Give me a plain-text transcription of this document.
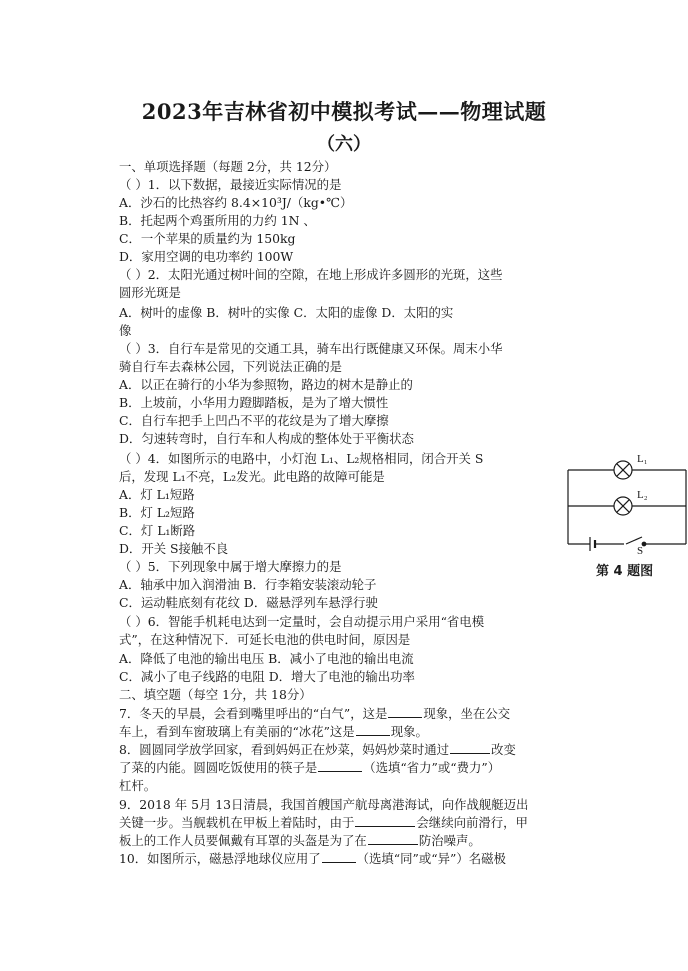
2023年吉林省初中模拟考试——物理试题
（六）
一、单项选择题（每题 2分，共 12分）
（ ）1．以下数据，最接近实际情况的是
A．沙石的比热容约 8.4×10³J/（kg•℃）
B．托起两个鸡蛋所用的力约 1N 、
C．一个苹果的质量约为 150kg
D．家用空调的电功率约 100W
（ ）2．太阳光通过树叶间的空隙，在地上形成许多圆形的光斑，这些
圆形光斑是
A．树叶的虚像 B．树叶的实像 C．太阳的虚像 D．太阳的实
像
（ ）3．自行车是常见的交通工具，骑车出行既健康又环保。周末小华
骑自行车去森林公园，下列说法正确的是
A．以正在骑行的小华为参照物，路边的树木是静止的
B．上坡前，小华用力蹬脚踏板，是为了增大惯性
C．自行车把手上凹凸不平的花纹是为了增大摩擦
D．匀速转弯时，自行车和人构成的整体处于平衡状态
（ ）4．如图所示的电路中，小灯泡 L₁、L₂规格相同，闭合开关 S
后，发现 L₁不亮，L₂发光。此电路的故障可能是
A．灯 L₁短路
B．灯 L₂短路
C．灯 L₁断路
D．开关 S接触不良
（ ）5．下列现象中属于增大摩擦力的是
A．轴承中加入润滑油 B．行李箱安装滚动轮子
C．运动鞋底刻有花纹 D．磁悬浮列车悬浮行驶
（ ）6．智能手机耗电达到一定量时，会自动提示用户采用“省电模
式”，在这种情况下．可延长电池的供电时间，原因是
A．降低了电池的输出电压 B．减小了电池的输出电流
C．减小了电子线路的电阻 D．增大了电池的输出功率
二、填空题（每空 1分，共 18分）
7．冬天的早晨，会看到嘴里呼出的“白气”，这是	现象，坐在公交
车上，看到车窗玻璃上有美丽的“冰花”这是	现象。
8．圆圆同学放学回家，看到妈妈正在炒菜，妈妈炒菜时通过	改变
了菜的内能。圆圆吃饭使用的筷子是	（选填“省力”或“费力”）
杠杆。
9．2018 年 5月 13日清晨，我国首艘国产航母离港海试，向作战舰艇迈出
关键一步。当舰载机在甲板上着陆时，由于	会继续向前滑行，甲
板上的工作人员要佩戴有耳罩的头盔是为了在	防治噪声。
10．如图所示，磁悬浮地球仪应用了	（选填“同”或“异”）名磁极
L₁
L₂
S
第 4 题图
